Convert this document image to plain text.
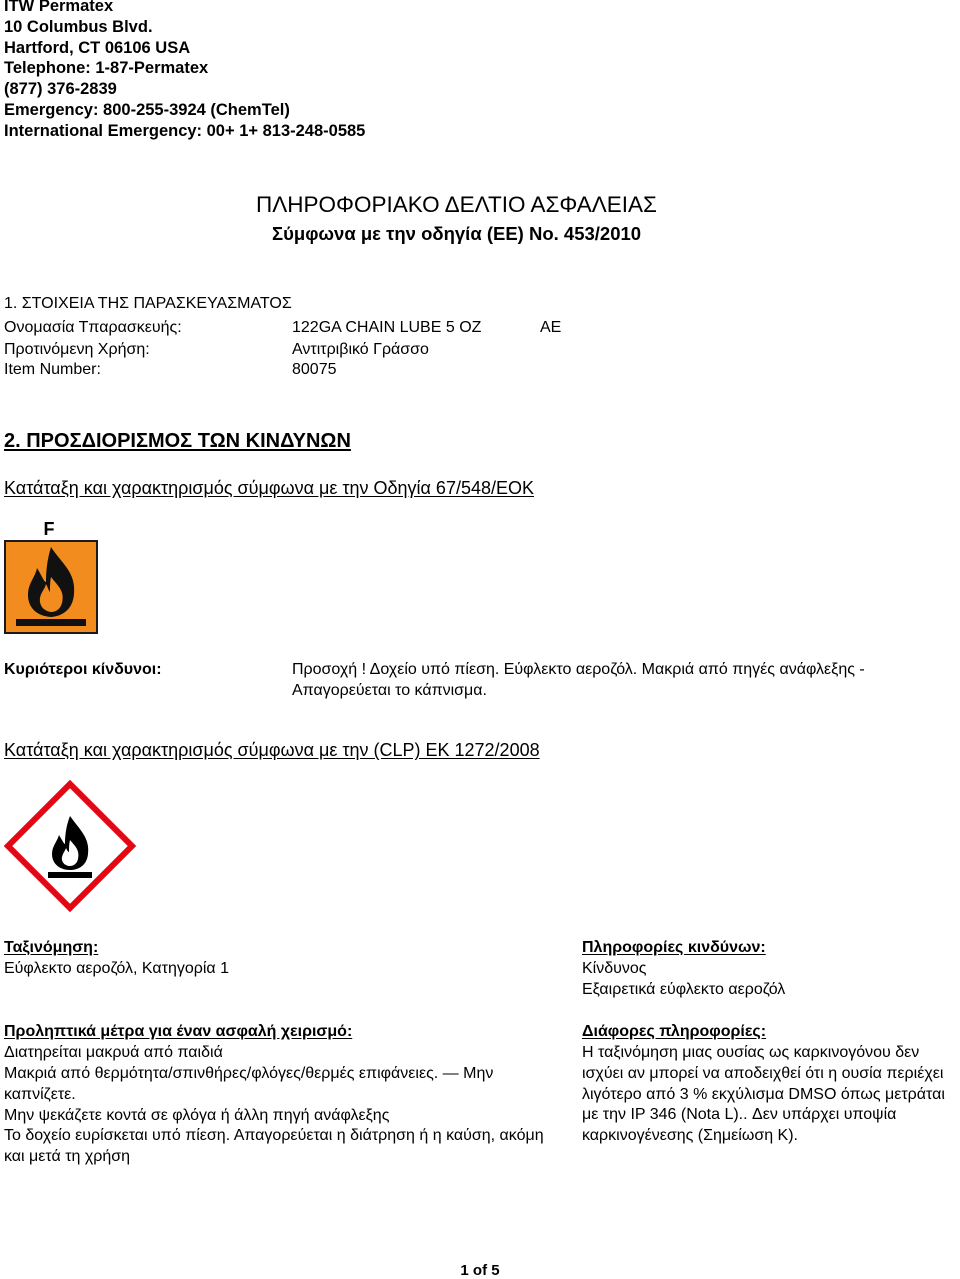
ITW Permatex
10 Columbus Blvd.
Hartford, CT 06106 USA
Telephone: 1-87-Permatex
(877) 376-2839
Emergency: 800-255-3924 (ChemTel)
International Emergency: 00+ 1+ 813-248-0585
ΠΛΗΡΟΦΟΡΙΑΚΟ ΔΕΛΤΙΟ ΑΣΦΑΛΕΙΑΣ
Σύμφωνα με την οδηγία (ΕΕ) Νο. 453/2010
1. ΣΤΟΙΧΕΙΑ ΤΗΣ ΠΑΡΑΣΚΕΥΑΣΜΑΤΟΣ
Ονομασία Τπαρασκευής:	122GA CHAIN LUBE 5 OZ	AE
Προτινόμενη Χρήση:	Αντιτριβικό Γράσσο
Item Number:	80075
2. ΠΡΟΣΔΙΟΡΙΣΜΟΣ ΤΩΝ ΚΙΝΔΥΝΩΝ
Κατάταξη και χαρακτηρισμός σύμφωνα με την Οδηγία 67/548/ΕΟΚ
F
Κυριότεροι κίνδυνοι:	Προσοχή ! Δοχείο υπό πίεση. Εύφλεκτο αεροζόλ. Μακριά από πηγές ανάφλεξης - Απαγορεύεται το κάπνισμα.
Κατάταξη και χαρακτηρισμός σύμφωνα με την (CLP) EK 1272/2008
Ταξινόμηση:
Εύφλεκτο αεροζόλ, Κατηγορία 1
Πληροφορίες κινδύνων:
Κίνδυνος
Εξαιρετικά εύφλεκτο αεροζόλ
Προληπτικά μέτρα για έναν ασφαλή χειρισμό:
Διατηρείται μακρυά από παιδιά
Μακριά από θερμότητα/σπινθήρες/φλόγες/θερμές επιφάνειες. — Μην καπνίζετε.
Μην ψεκάζετε κοντά σε φλόγα ή άλλη πηγή ανάφλεξης
Το δοχείο ευρίσκεται υπό πίεση. Απαγορεύεται η διάτρηση ή η καύση, ακόμη και μετά τη χρήση
Διάφορες πληροφορίες:
Η ταξινόμηση μιας ουσίας ως καρκινογόνου δεν ισχύει αν μπορεί να αποδειχθεί ότι η ουσία περιέχει λιγότερο από 3 % εκχύλισμα DMSO όπως μετράται με την IP 346 (Nota L).. Δεν υπάρχει υποψία καρκινογένεσης (Σημείωση Κ).
1 of 5
